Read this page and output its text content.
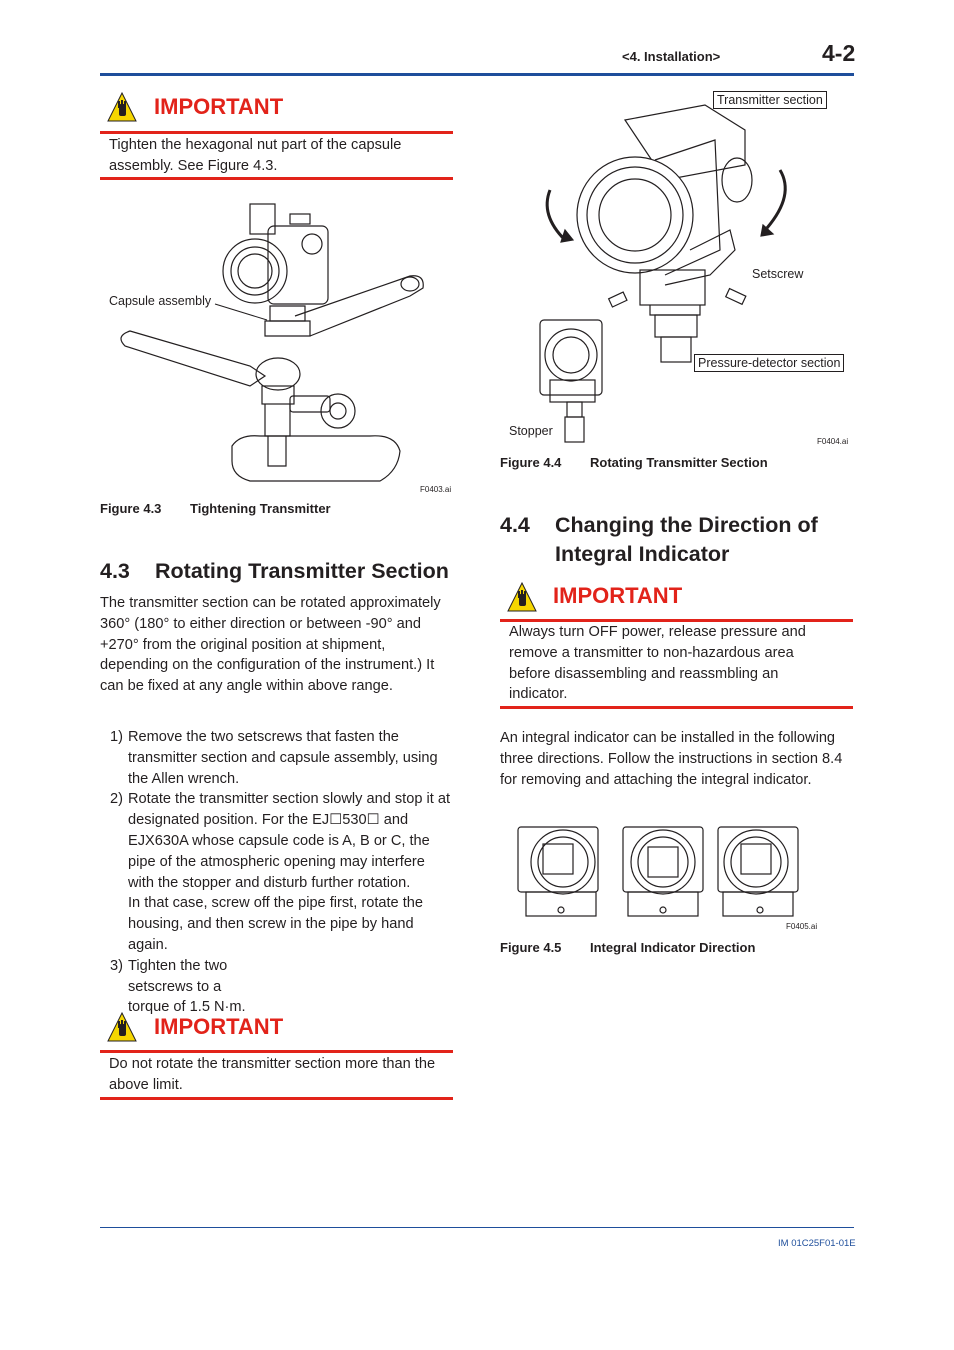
<4. Installation>	4-2
IMPORTANT
Tighten the hexagonal nut part of the capsule assembly. See Figure 4.3.
Capsule assembly
F0403.ai
Figure 4.3 Tightening Transmitter
4.3 Rotating Transmitter Section
The transmitter section can be rotated approximately 360° (180° to either direction or between -90° and +270° from the original position at shipment, depending on the configuration of the instrument.) It can be fixed at any angle within above range.
1) Remove the two setscrews that fasten the transmitter section and capsule assembly, using the Allen wrench.
2) Rotate the transmitter section slowly and stop it at designated position. For the EJ☐530☐ and EJX630A whose capsule code is A, B or C, the pipe of the atmospheric opening may interfere with the stopper and disturb further rotation.
In that case, screw off the pipe first, rotate the housing, and then screw in the pipe by hand again.
3) Tighten the two setscrews to a torque of 1.5 N·m.
IMPORTANT
Do not rotate the transmitter section more than the above limit.
Transmitter section
Setscrew
Pressure-detector section
Stopper
F0404.ai
Figure 4.4 Rotating Transmitter Section
4.4 Changing the Direction of
Integral Indicator
IMPORTANT
Always turn OFF power, release pressure and remove a transmitter to non-hazardous area before disassembling and reassmbling an indicator.
An integral indicator can be installed in the following three directions. Follow the instructions in section 8.4 for removing and attaching the integral indicator.
F0405.ai
Figure 4.5 Integral Indicator Direction
IM 01C25F01-01E
